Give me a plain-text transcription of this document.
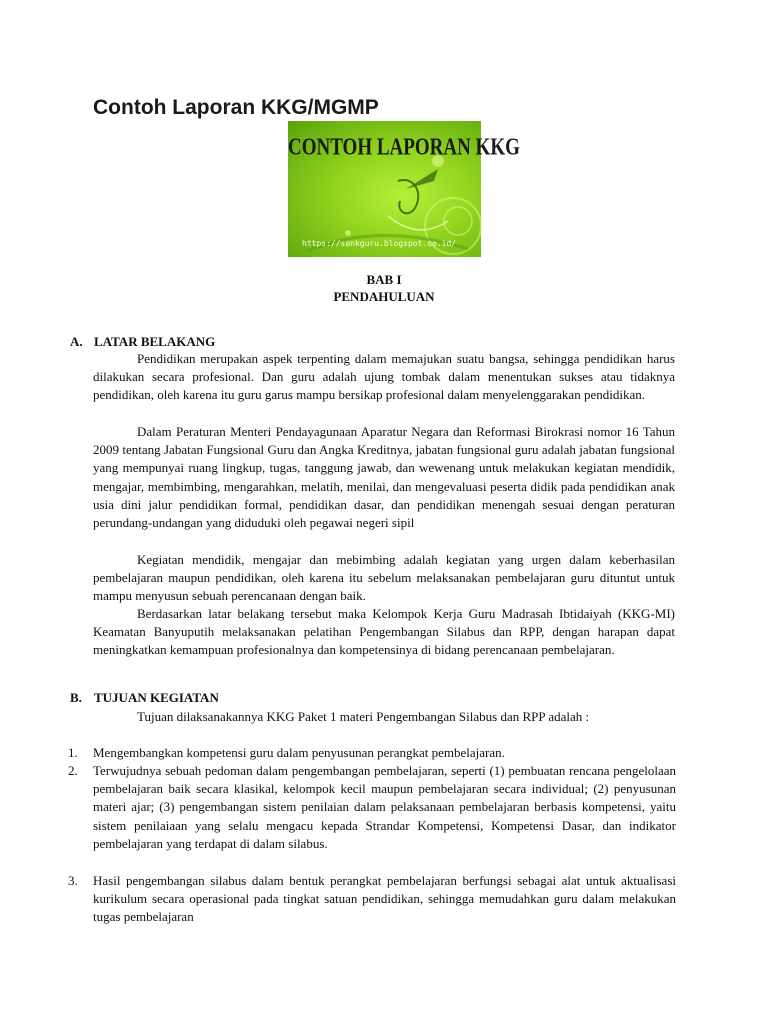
Contoh Laporan KKG/MGMP
CONTOH LAPORAN KKG
https://sankguru.blogspot.co.id/
BAB I
PENDAHULUAN
A. LATAR BELAKANG

Pendidikan merupakan aspek terpenting dalam memajukan suatu bangsa, sehingga pendidikan harus dilakukan secara profesional. Dan guru adalah ujung tombak dalam menentukan sukses atau tidaknya pendidikan, oleh karena itu guru garus mampu bersikap profesional dalam menyelenggarakan pendidikan.

Dalam Peraturan Menteri Pendayagunaan Aparatur Negara dan Reformasi Birokrasi nomor 16 Tahun 2009 tentang Jabatan Fungsional Guru dan Angka Kreditnya, jabatan fungsional guru adalah jabatan fungsional yang mempunyai ruang lingkup, tugas, tanggung jawab, dan wewenang untuk melakukan kegiatan mendidik, mengajar, membimbing, mengarahkan, melatih, menilai, dan mengevaluasi peserta didik pada pendidikan anak usia dini jalur pendidikan formal, pendidikan dasar, dan pendidikan menengah sesuai dengan peraturan perundang-undangan yang diduduki oleh pegawai negeri sipil

Kegiatan mendidik, mengajar dan mebimbing adalah kegiatan yang urgen dalam keberhasilan pembelajaran maupun pendidikan, oleh karena itu sebelum melaksanakan pembelajaran guru dituntut untuk mampu menyusun sebuah perencanaan dengan baik.

Berdasarkan latar belakang tersebut maka Kelompok Kerja Guru Madrasah Ibtidaiyah (KKG-MI) Keamatan Banyuputih melaksanakan pelatihan Pengembangan Silabus dan RPP, dengan harapan dapat meningkatkan kemampuan profesionalnya dan kompetensinya di bidang perencanaan pembelajaran.

B. TUJUAN KEGIATAN

Tujuan dilaksanakannya KKG Paket 1 materi Pengembangan Silabus dan RPP adalah :

1. Mengembangkan kompetensi guru dalam penyusunan perangkat pembelajaran.
2. Terwujudnya sebuah pedoman dalam pengembangan pembelajaran, seperti (1) pembuatan rencana pengelolaan pembelajaran baik secara klasikal, kelompok kecil maupun pembelajaran secara individual; (2) penyusunan materi ajar; (3) pengembangan sistem penilaian dalam pelaksanaan pembelajaran berbasis kompetensi, yaitu sistem penilaiaan yang selalu mengacu kepada Strandar Kompetensi, Kompetensi Dasar, dan indikator pembelajaran yang terdapat di dalam silabus.
3. Hasil pengembangan silabus dalam bentuk perangkat pembelajaran berfungsi sebagai alat untuk aktualisasi kurikulum secara operasional pada tingkat satuan pendidikan, sehingga memudahkan guru dalam melakukan tugas pembelajaran
